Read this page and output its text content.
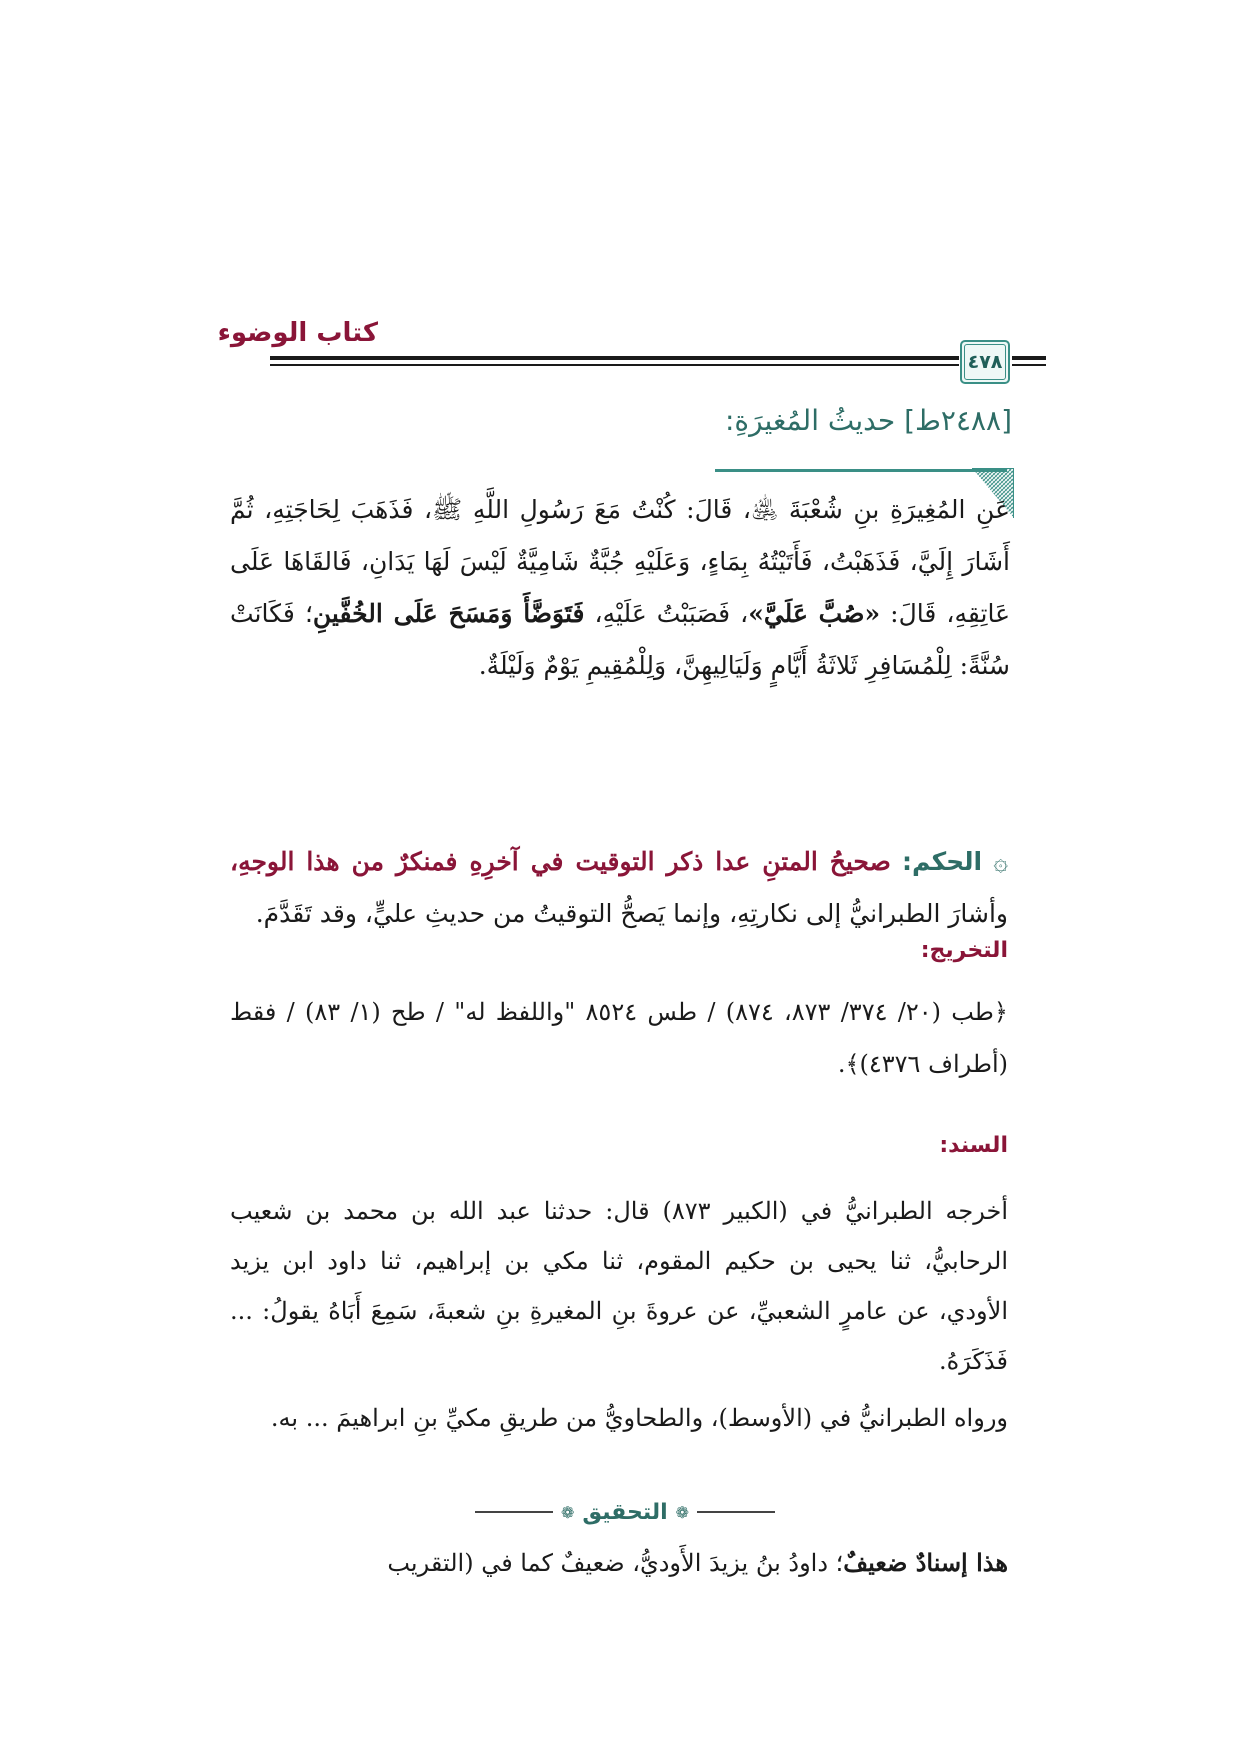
كتاب الوضوء
٤٧٨
[٢٤٨٨ط] حديثُ المُغيرَةِ:
عَنِ المُغِيرَةِ بنِ شُعْبَةَ ﵁، قَالَ: كُنْتُ مَعَ رَسُولِ اللَّهِ ﷺ، فَذَهَبَ لِحَاجَتِهِ، ثُمَّ أَشَارَ إِلَيَّ، فَذَهَبْتُ، فَأَتَيْتُهُ بِمَاءٍ، وَعَلَيْهِ جُبَّةٌ شَامِيَّةٌ لَيْسَ لَهَا يَدَانِ، فَالقَاهَا عَلَى عَاتِقِهِ، قَالَ: «صُبَّ عَلَيَّ»، فَصَبَبْتُ عَلَيْهِ، فَتَوَضَّأَ وَمَسَحَ عَلَى الخُفَّينِ؛ فَكَانَتْ سُنَّةً: لِلْمُسَافِرِ ثَلاثَةُ أَيَّامٍ وَلَيَالِيهِنَّ، وَلِلْمُقِيمِ يَوْمٌ وَلَيْلَةٌ.
۞ الحكم: صحيحُ المتنِ عدا ذكر التوقيت في آخرِهِ فمنكرٌ من هذا الوجهِ، وأشارَ الطبرانيُّ إلى نكارتِهِ، وإنما يَصحُّ التوقيتُ من حديثِ عليٍّ، وقد تَقَدَّمَ.
التخريج:
﴿طب (٢٠/ ٣٧٤/ ٨٧٣، ٨٧٤) / طس ٨٥٢٤ "واللفظ له" / طح (١/ ٨٣) / فقط (أطراف ٤٣٧٦)﴾.
السند:
أخرجه الطبرانيُّ في (الكبير ٨٧٣) قال: حدثنا عبد الله بن محمد بن شعيب الرحابيُّ، ثنا يحيى بن حكيم المقوم، ثنا مكي بن إبراهيم، ثنا داود ابن يزيد الأودي، عن عامرٍ الشعبيِّ، عن عروةَ بنِ المغيرةِ بنِ شعبةَ، سَمِعَ أَبَاهُ يقولُ: ... فَذَكَرَهُ.
ورواه الطبرانيُّ في (الأوسط)، والطحاويُّ من طريقِ مكيِّ بنِ ابراهيمَ ... به.
❁
التحقيق
❁
هذا إسنادٌ ضعيفٌ؛ داودُ بنُ يزيدَ الأَوديُّ، ضعيفٌ كما في (التقريب
